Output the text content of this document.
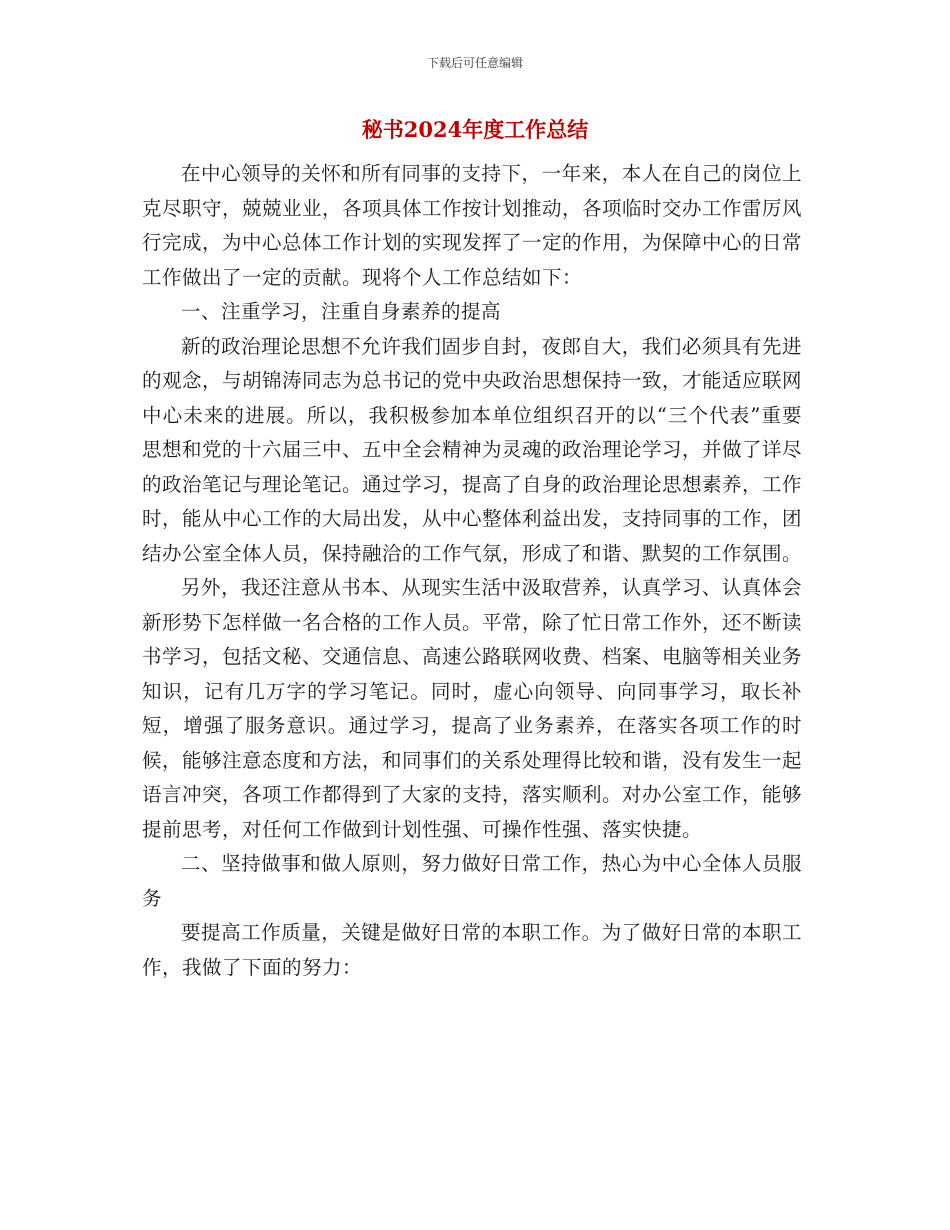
下载后可任意编辑
秘书2024年度工作总结

在中心领导的关怀和所有同事的支持下，一年来，本人在自己的岗位上克尽职守，兢兢业业，各项具体工作按计划推动，各项临时交办工作雷厉风行完成，为中心总体工作计划的实现发挥了一定的作用，为保障中心的日常工作做出了一定的贡献。现将个人工作总结如下：

一、注重学习，注重自身素养的提高

新的政治理论思想不允许我们固步自封，夜郎自大，我们必须具有先进的观念，与胡锦涛同志为总书记的党中央政治思想保持一致，才能适应联网中心未来的进展。所以，我积极参加本单位组织召开的以“三个代表”重要思想和党的十六届三中、五中全会精神为灵魂的政治理论学习，并做了详尽的政治笔记与理论笔记。通过学习，提高了自身的政治理论思想素养，工作时，能从中心工作的大局出发，从中心整体利益出发，支持同事的工作，团结办公室全体人员，保持融洽的工作气氛，形成了和谐、默契的工作氛围。

另外，我还注意从书本、从现实生活中汲取营养，认真学习、认真体会新形势下怎样做一名合格的工作人员。平常，除了忙日常工作外，还不断读书学习，包括文秘、交通信息、高速公路联网收费、档案、电脑等相关业务知识，记有几万字的学习笔记。同时，虚心向领导、向同事学习，取长补短，增强了服务意识。通过学习，提高了业务素养，在落实各项工作的时候，能够注意态度和方法，和同事们的关系处理得比较和谐，没有发生一起语言冲突，各项工作都得到了大家的支持，落实顺利。对办公室工作，能够提前思考，对任何工作做到计划性强、可操作性强、落实快捷。

二、坚持做事和做人原则，努力做好日常工作，热心为中心全体人员服务

要提高工作质量，关键是做好日常的本职工作。为了做好日常的本职工作，我做了下面的努力：
